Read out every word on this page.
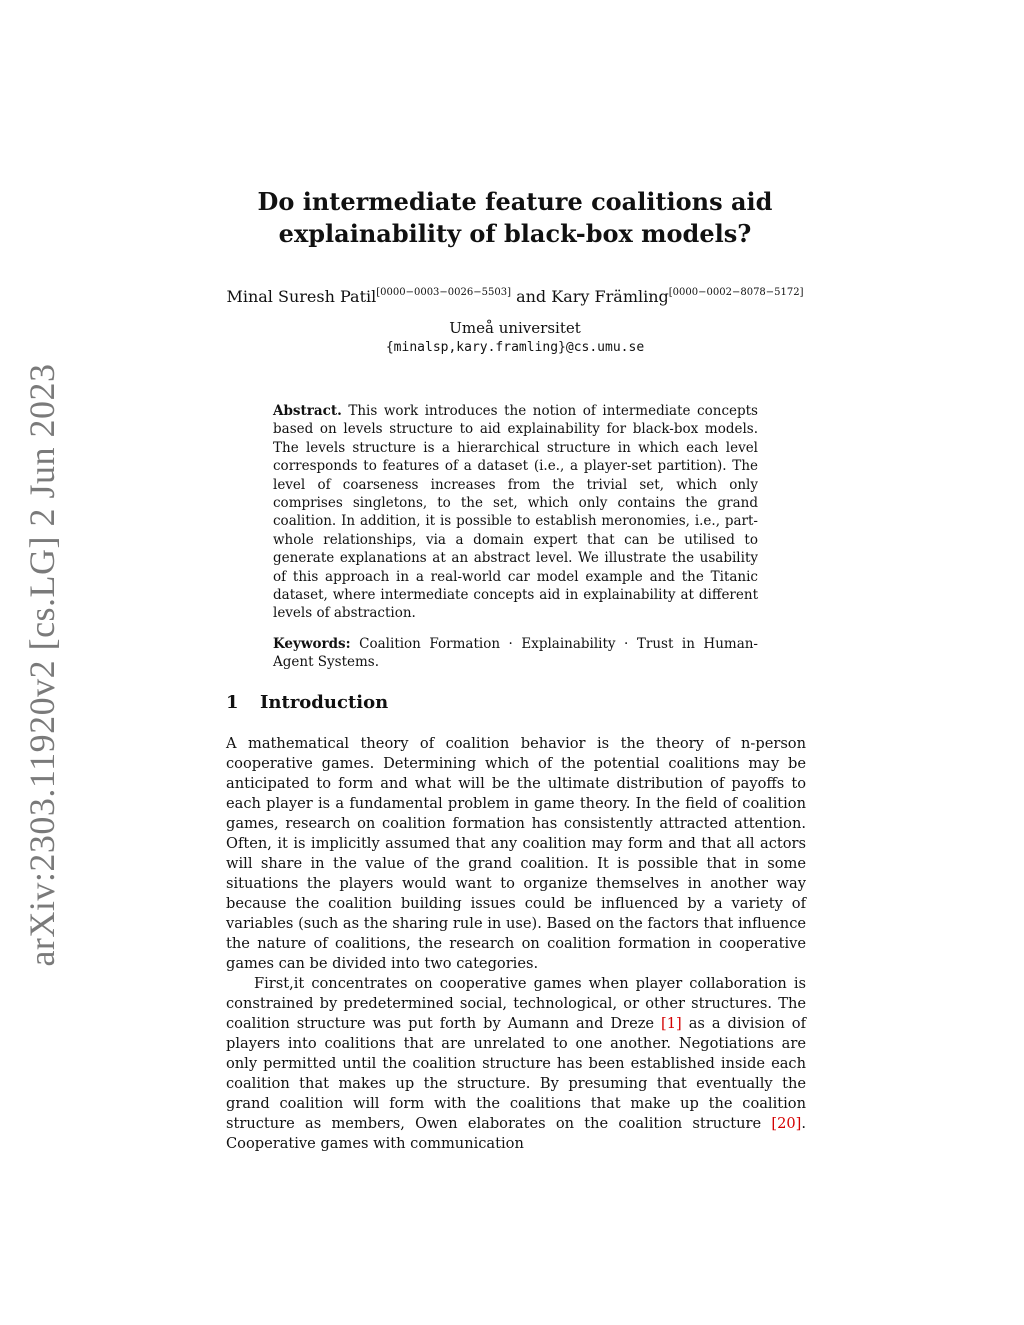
arXiv:2303.11920v2 [cs.LG] 2 Jun 2023
Do intermediate feature coalitions aid
explainability of black-box models?
Minal Suresh Patil[0000−0003−0026−5503] and Kary Främling[0000−0002−8078−5172]
Umeå universitet
{minalsp,kary.framling}@cs.umu.se

Abstract. This work introduces the notion of intermediate concepts based on levels structure to aid explainability for black-box models. The levels structure is a hierarchical structure in which each level corresponds to features of a dataset (i.e., a player-set partition). The level of coarseness increases from the trivial set, which only comprises singletons, to the set, which only contains the grand coalition. In addition, it is possible to establish meronomies, i.e., part-whole relationships, via a domain expert that can be utilised to generate explanations at an abstract level. We illustrate the usability of this approach in a real-world car model example and the Titanic dataset, where intermediate concepts aid in explainability at different levels of abstraction.

Keywords: Coalition Formation · Explainability · Trust in Human-Agent Systems.

1 Introduction

A mathematical theory of coalition behavior is the theory of n-person cooperative games. Determining which of the potential coalitions may be anticipated to form and what will be the ultimate distribution of payoffs to each player is a fundamental problem in game theory. In the field of coalition games, research on coalition formation has consistently attracted attention. Often, it is implicitly assumed that any coalition may form and that all actors will share in the value of the grand coalition. It is possible that in some situations the players would want to organize themselves in another way because the coalition building issues could be influenced by a variety of variables (such as the sharing rule in use). Based on the factors that influence the nature of coalitions, the research on coalition formation in cooperative games can be divided into two categories.

First,it concentrates on cooperative games when player collaboration is constrained by predetermined social, technological, or other structures. The coalition structure was put forth by Aumann and Dreze [1] as a division of players into coalitions that are unrelated to one another. Negotiations are only permitted until the coalition structure has been established inside each coalition that makes up the structure. By presuming that eventually the grand coalition will form with the coalitions that make up the coalition structure as members, Owen elaborates on the coalition structure [20]. Cooperative games with communication
